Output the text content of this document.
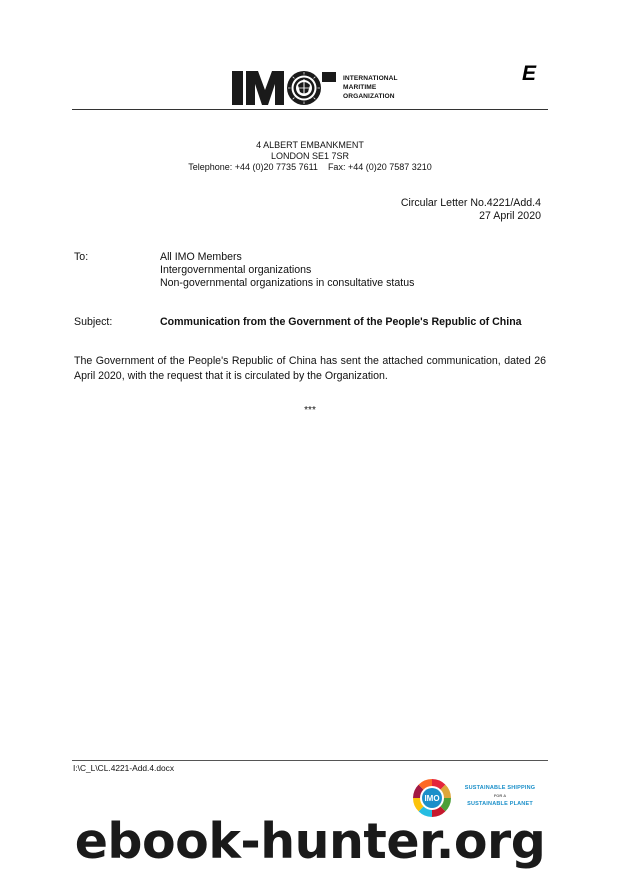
INTERNATIONAL
MARITIME
ORGANIZATION
E
4 ALBERT EMBANKMENT
LONDON SE1 7SR
Telephone: +44 (0)20 7735 7611 Fax: +44 (0)20 7587 3210
Circular Letter No.4221/Add.4
27 April 2020
To:	All IMO Members
Intergovernmental organizations
Non-governmental organizations in consultative status
Subject:	Communication from the Government of the People's Republic of China
The Government of the People's Republic of China has sent the attached communication, dated 26 April 2020, with the request that it is circulated by the Organization.
***
I:\C_L\CL.4221-Add.4.docx
IMO
SUSTAINABLE SHIPPING
FOR A
SUSTAINABLE PLANET
ebook-hunter.org
